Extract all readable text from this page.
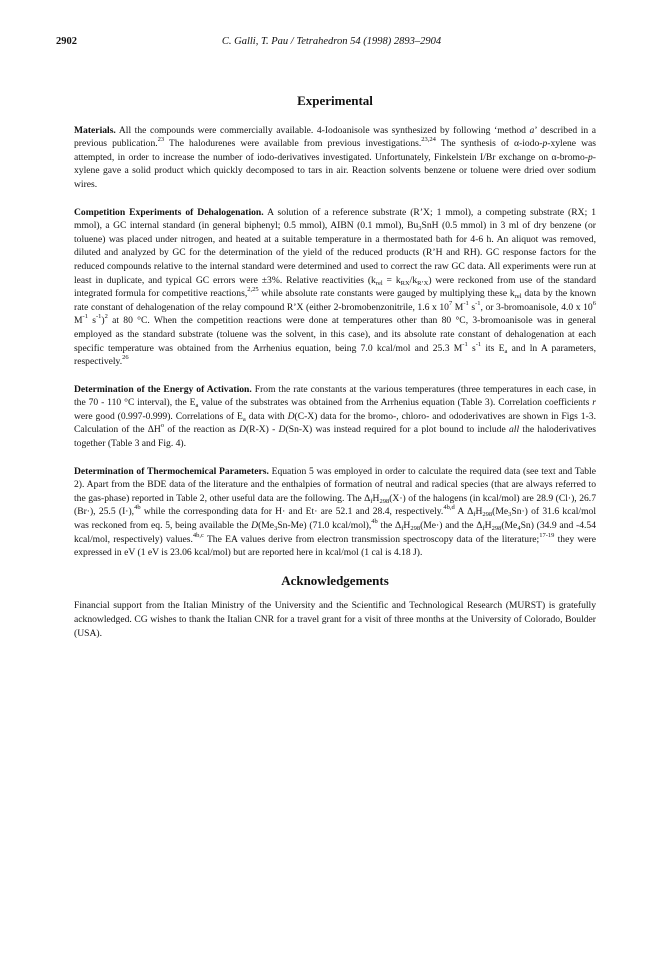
2902	C. Galli, T. Pau / Tetrahedron 54 (1998) 2893–2904
Experimental

Materials. All the compounds were commercially available. 4-Iodoanisole was synthesized by following ‘method a’ described in a previous publication.$^{23}$ The halodurenes were available from previous investigations.$^{23,24}$ The synthesis of α-iodo-p-xylene was attempted, in order to increase the number of iodo-derivatives investigated. Unfortunately, Finkelstein I/Br exchange on α-bromo-p-xylene gave a solid product which quickly decomposed to tars in air. Reaction solvents benzene or toluene were dried over sodium wires.

Competition Experiments of Dehalogenation. A solution of a reference substrate (R’X; 1 mmol), a competing substrate (RX; 1 mmol), a GC internal standard (in general biphenyl; 0.5 mmol), AIBN (0.1 mmol), $Bu_3SnH$ (0.5 mmol) in 3 ml of dry benzene (or toluene) was placed under nitrogen, and heated at a suitable temperature in a thermostated bath for 4-6 h. An aliquot was removed, diluted and analyzed by GC for the determination of the yield of the reduced products (R’H and RH). GC response factors for the reduced compounds relative to the internal standard were determined and used to correct the raw GC data. All experiments were run at least in duplicate, and typical GC errors were ±3%. Relative reactivities $(k_{rel} = k_{RX}/k_{R’X})$ were reckoned from use of the standard integrated formula for competitive reactions,$^{2,25}$ while absolute rate constants were gauged by multiplying these $k_{rel}$ data by the known rate constant of dehalogenation of the relay compound R’X (either 2-bromobenzonitrile, 1.6 x $10^7$ $M^{-1}$ $s^{-1}$, or 3-bromoanisole, 4.0 x $10^6$ $M^{-1}$ $s^{-1})^2$ at 80 °C. When the competition reactions were done at temperatures other than 80 °C, 3-bromoanisole was in general employed as the standard substrate (toluene was the solvent, in this case), and its absolute rate constant of dehalogenation at each specific temperature was obtained from the Arrhenius equation, being 7.0 kcal/mol and 25.3 $M^{-1}$ $s^{-1}$ its $E_a$ and ln A parameters, respectively.$^{26}$

Determination of the Energy of Activation. From the rate constants at the various temperatures (three temperatures in each case, in the 70 - 110 °C interval), the $E_a$ value of the substrates was obtained from the Arrhenius equation (Table 3). Correlation coefficients r were good (0.997-0.999). Correlations of $E_a$ data with D(C-X) data for the bromo-, chloro- and ododerivatives are shown in Figs 1-3. Calculation of the $\Delta H^o$ of the reaction as D(R-X) - D(Sn-X) was instead required for a plot bound to include all the haloderivatives together (Table 3 and Fig. 4).

Determination of Thermochemical Parameters. Equation 5 was employed in order to calculate the required data (see text and Table 2). Apart from the BDE data of the literature and the enthalpies of formation of neutral and radical species (that are always referred to the gas-phase) reported in Table 2, other useful data are the following. The $\Delta_fH_{298}(X\cdot)$ of the halogens (in kcal/mol) are 28.9 (Cl·), 26.7 (Br·), 25.5 (I·),$^{4b}$ while the corresponding data for H· and Et· are 52.1 and 28.4, respectively.$^{4b,d}$ A $\Delta_fH_{298}(Me_3Sn\cdot)$ of 31.6 kcal/mol was reckoned from eq. 5, being available the $D(Me_3Sn-Me)$ (71.0 kcal/mol),$^{4b}$ the $\Delta_fH_{298}(Me\cdot)$ and the $\Delta_fH_{298}(Me_4Sn)$ (34.9 and -4.54 kcal/mol, respectively) values.$^{4b,c}$ The EA values derive from electron transmission spectroscopy data of the literature;$^{17-19}$ they were expressed in eV (1 eV is 23.06 kcal/mol) but are reported here in kcal/mol (1 cal is 4.18 J).

Acknowledgements

Financial support from the Italian Ministry of the University and the Scientific and Technological Research (MURST) is gratefully acknowledged. CG wishes to thank the Italian CNR for a travel grant for a visit of three months at the University of Colorado, Boulder (USA).
